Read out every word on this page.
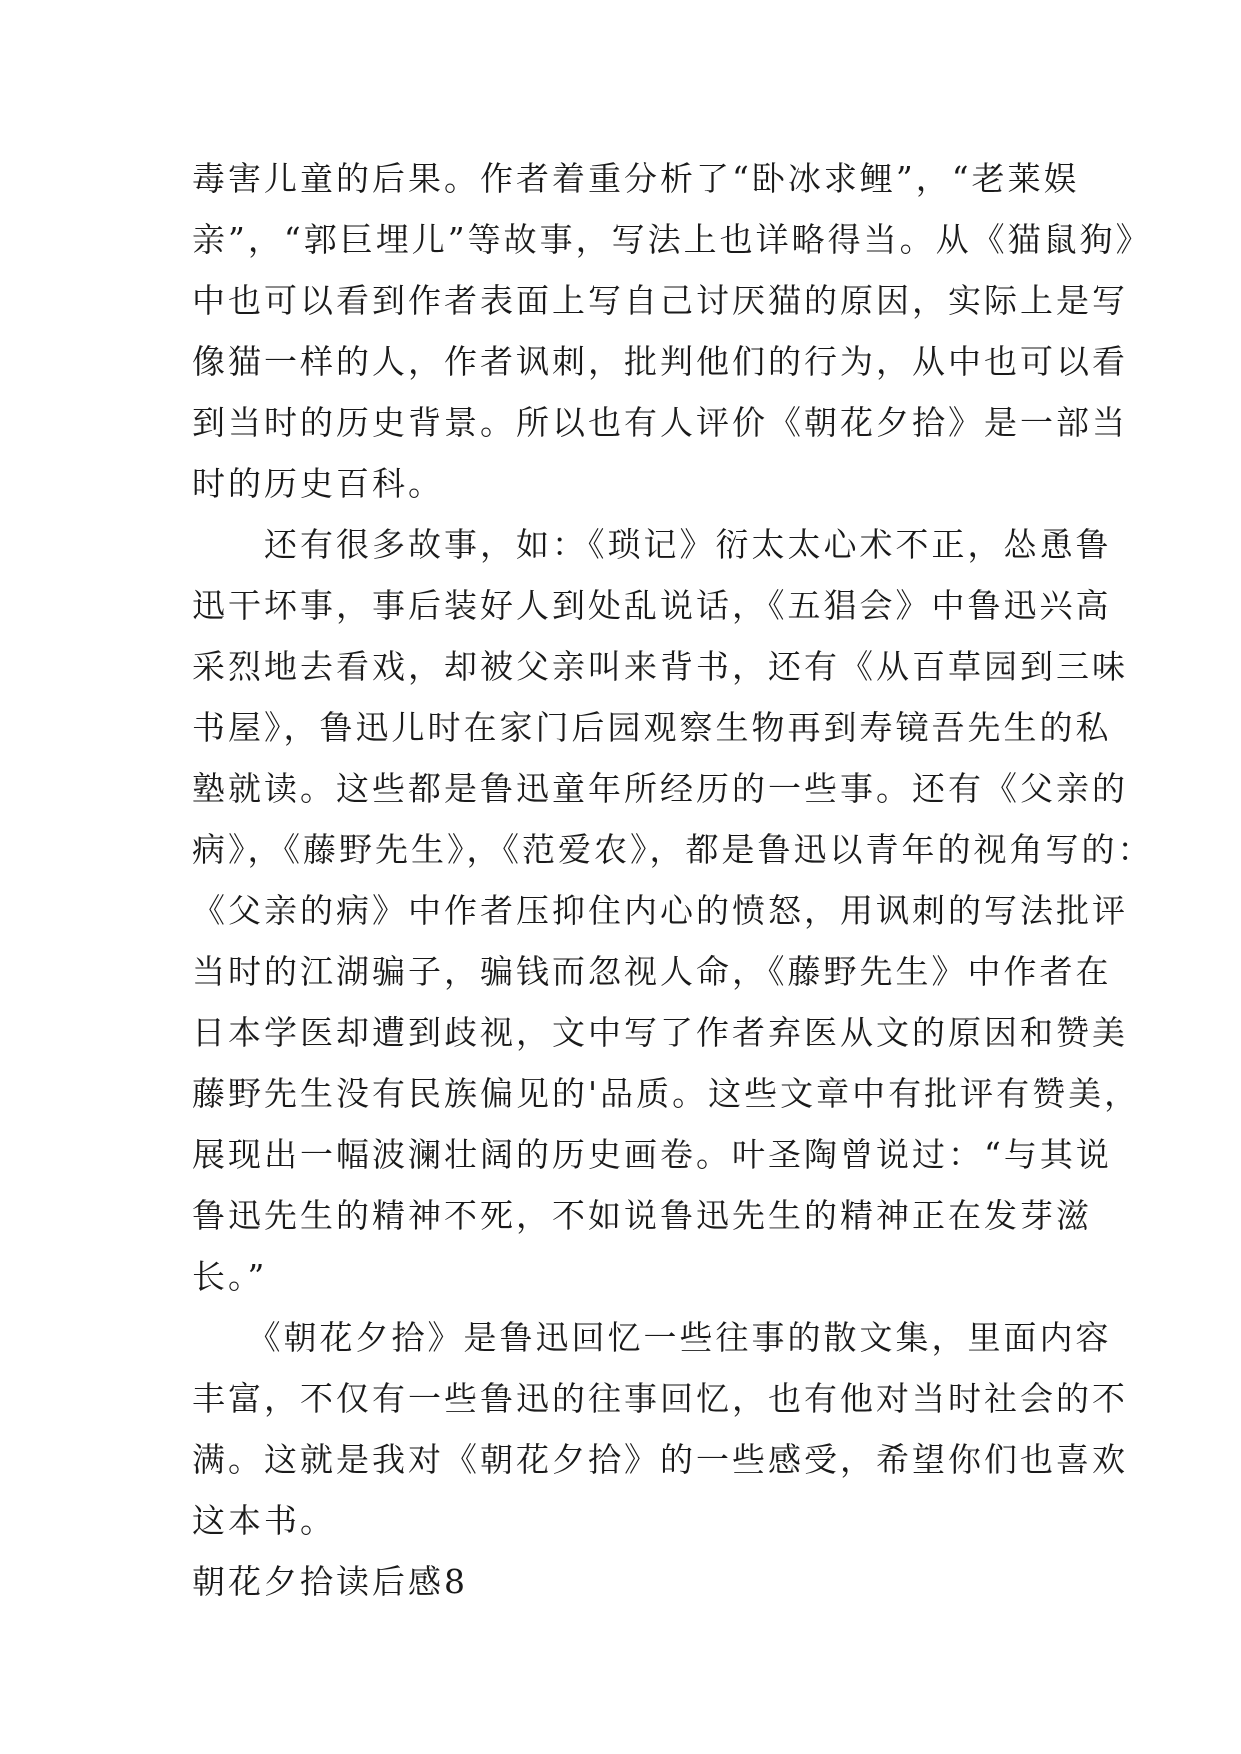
毒害儿童的后果。作者着重分析了“卧冰求鲤”，“老莱娱
亲”，“郭巨埋儿”等故事，写法上也详略得当。从《猫鼠狗》
中也可以看到作者表面上写自己讨厌猫的原因，实际上是写
像猫一样的人，作者讽刺，批判他们的行为，从中也可以看
到当时的历史背景。所以也有人评价《朝花夕拾》是一部当
时的历史百科。
　　还有很多故事，如：《琐记》衍太太心术不正，怂恿鲁
迅干坏事，事后装好人到处乱说话，《五猖会》中鲁迅兴高
采烈地去看戏，却被父亲叫来背书，还有《从百草园到三味
书屋》，鲁迅儿时在家门后园观察生物再到寿镜吾先生的私
塾就读。这些都是鲁迅童年所经历的一些事。还有《父亲的
病》，《藤野先生》，《范爱农》，都是鲁迅以青年的视角写的：
《父亲的病》中作者压抑住内心的愤怒，用讽刺的写法批评
当时的江湖骗子，骗钱而忽视人命，《藤野先生》中作者在
日本学医却遭到歧视，文中写了作者弃医从文的原因和赞美
藤野先生没有民族偏见的'品质。这些文章中有批评有赞美，
展现出一幅波澜壮阔的历史画卷。叶圣陶曾说过：“与其说
鲁迅先生的精神不死，不如说鲁迅先生的精神正在发芽滋
长。”
　　《朝花夕拾》是鲁迅回忆一些往事的散文集，里面内容
丰富，不仅有一些鲁迅的往事回忆，也有他对当时社会的不
满。这就是我对《朝花夕拾》的一些感受，希望你们也喜欢
这本书。
朝花夕拾读后感8
